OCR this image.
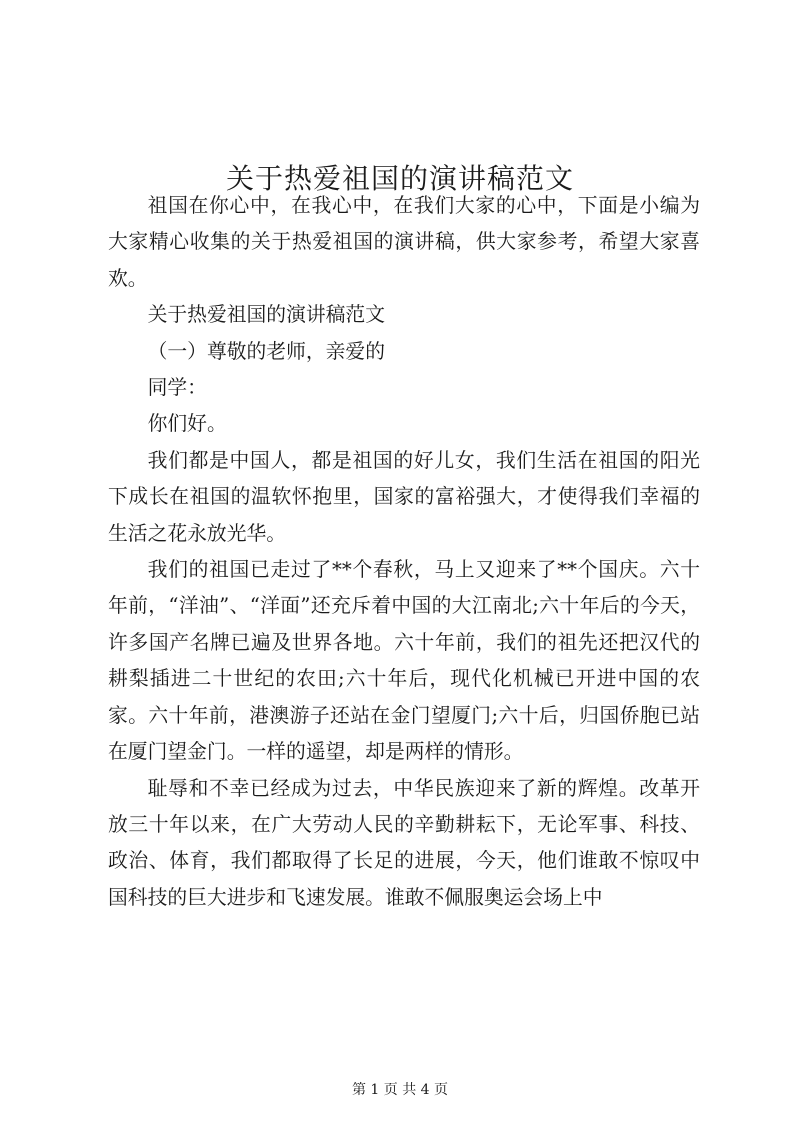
关于热爱祖国的演讲稿范文

祖国在你心中，在我心中，在我们大家的心中，下面是小编为大家精心收集的关于热爱祖国的演讲稿，供大家参考，希望大家喜欢。

关于热爱祖国的演讲稿范文

（一）尊敬的老师，亲爱的

同学：

你们好。

我们都是中国人，都是祖国的好儿女，我们生活在祖国的阳光下成长在祖国的温软怀抱里，国家的富裕强大，才使得我们幸福的生活之花永放光华。

我们的祖国已走过了**个春秋，马上又迎来了**个国庆。六十年前，“洋油”、“洋面”还充斥着中国的大江南北;六十年后的今天，许多国产名牌已遍及世界各地。六十年前，我们的祖先还把汉代的耕梨插进二十世纪的农田;六十年后，现代化机械已开进中国的农家。六十年前，港澳游子还站在金门望厦门;六十后，归国侨胞已站在厦门望金门。一样的遥望，却是两样的情形。

耻辱和不幸已经成为过去，中华民族迎来了新的辉煌。改革开放三十年以来，在广大劳动人民的辛勤耕耘下，无论军事、科技、政治、体育，我们都取得了长足的进展，今天，他们谁敢不惊叹中国科技的巨大进步和飞速发展。谁敢不佩服奥运会场上中

第 1 页 共 4 页
